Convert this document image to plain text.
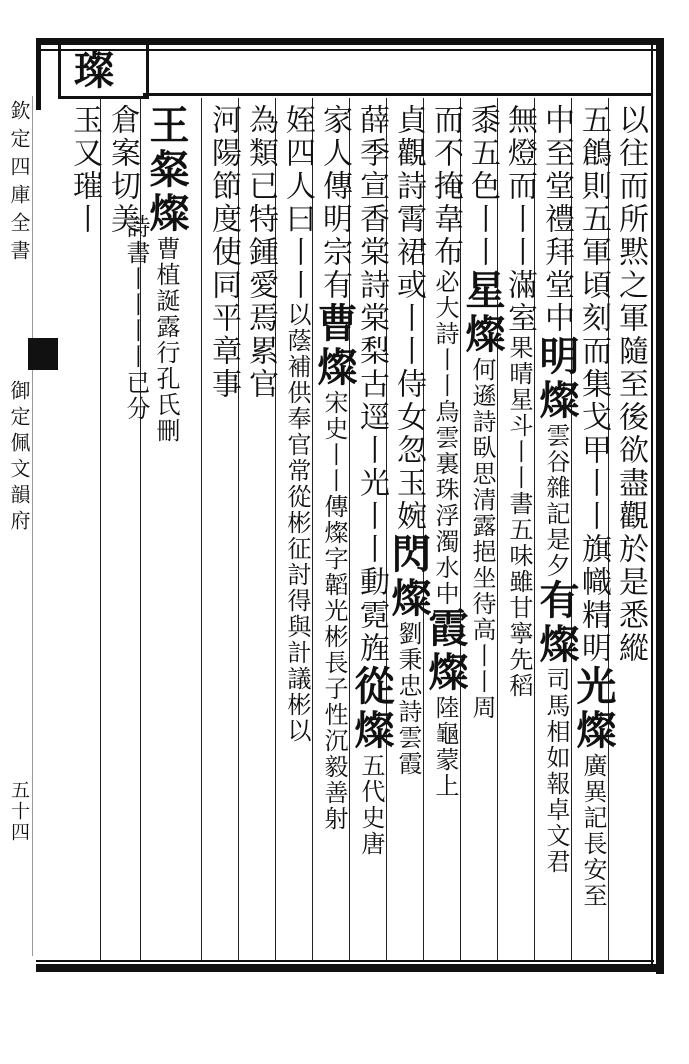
璨
欽定四庫全書
御定佩文韻府
五十四
以往而所黙之軍隨至後欲盡觀於是悉縱
五鶬則五軍頃刻而集戈甲丨丨旗幟精明光燦廣異記長安至
中至堂禮拜堂中明燦雲谷雜記是夕有燦司馬相如報卓文君
無燈而丨丨滿室果晴星斗丨丨書五味雖甘寧先稻
黍五色丨丨星燦何遜詩臥思清露挹坐待高丨丨周
而不掩韋布必大詩丨丨烏雲裏珠浮濁水中霞燦陸龜蒙上
貞觀詩霄裙或丨丨侍女忽玉婉閃燦劉秉忠詩雲霞
薛季宣香棠詩棠梨古逕丨光丨丨動霓旌從燦五代史唐
家人傳明宗有曹燦宋史丨丨傳燦字韜光彬長子性沉毅善射
姪四人曰丨丨以蔭補供奉官常從彬征討得與計議彬以
為類已特鍾愛焉累官
河陽節度使同平章事
王粲燦曹植誕露行孔氏刪
詩書丨丨丨丨已分
倉案切美
玉又璀丨
